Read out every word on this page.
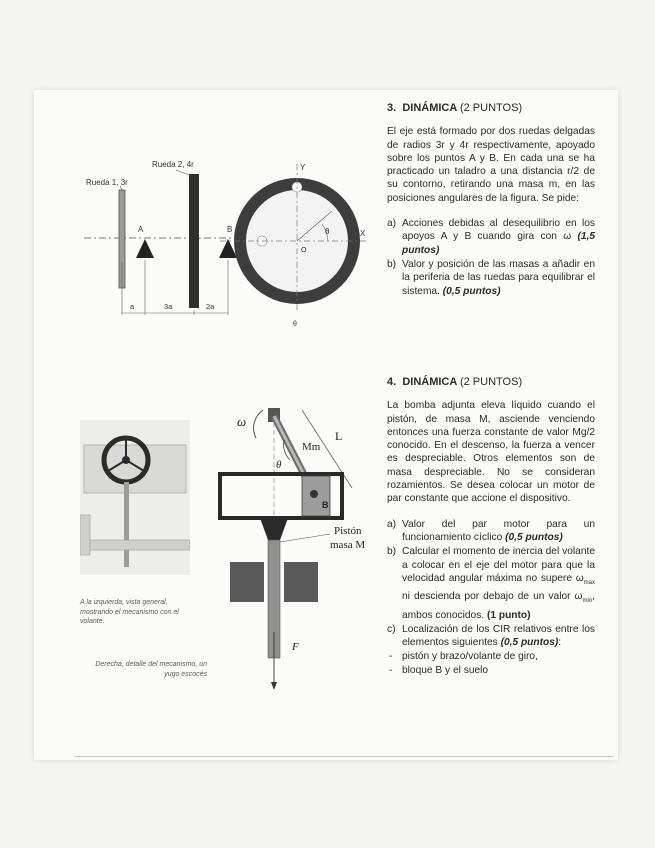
A	B
Rueda 1, 3r
Rueda 2, 4r
a	3a	2a
Y
X
O
θ
θ
3. DINÁMICA (2 PUNTOS)

El eje está formado por dos ruedas delgadas de radios 3r y 4r respectivamente, apoyado sobre los puntos A y B. En cada una se ha practicado un taladro a una distancia r/2 de su contorno, retirando una masa m, en las posiciones angulares de la figura. Se pide:

a) Acciones debidas al desequilibrio en los apoyos A y B cuando gira con ω (1,5 puntos)
b) Valor y posición de las masas a añadir en la periferia de las ruedas para equilibrar el sistema. (0,5 puntos)
A la izquierda, vista general, mostrando el mecanismo con el volante.
Derecha, detalle del mecanismo, un yugo escocés
ω
L
Mm
θ
B
Pistón
masa M
F
4. DINÁMICA (2 PUNTOS)

La bomba adjunta eleva líquido cuando el pistón, de masa M, asciende venciendo entonces una fuerza constante de valor Mg/2 conocido. En el descenso, la fuerza a vencer es despreciable. Otros elementos son de masa despreciable. No se consideran rozamientos. Se desea colocar un motor de par constante que accione el dispositivo.

a) Valor del par motor para un funcionamiento cíclico (0,5 puntos)
b) Calcular el momento de inercia del volante a colocar en el eje del motor para que la velocidad angular máxima no supere $\omega_{max}$ ni descienda por debajo de un valor $\omega_{min}$, ambos conocidos. (1 punto)
c) Localización de los CIR relativos entre los elementos siguientes (0,5 puntos):
- pistón y brazo/volante de giro,
- bloque B y el suelo
